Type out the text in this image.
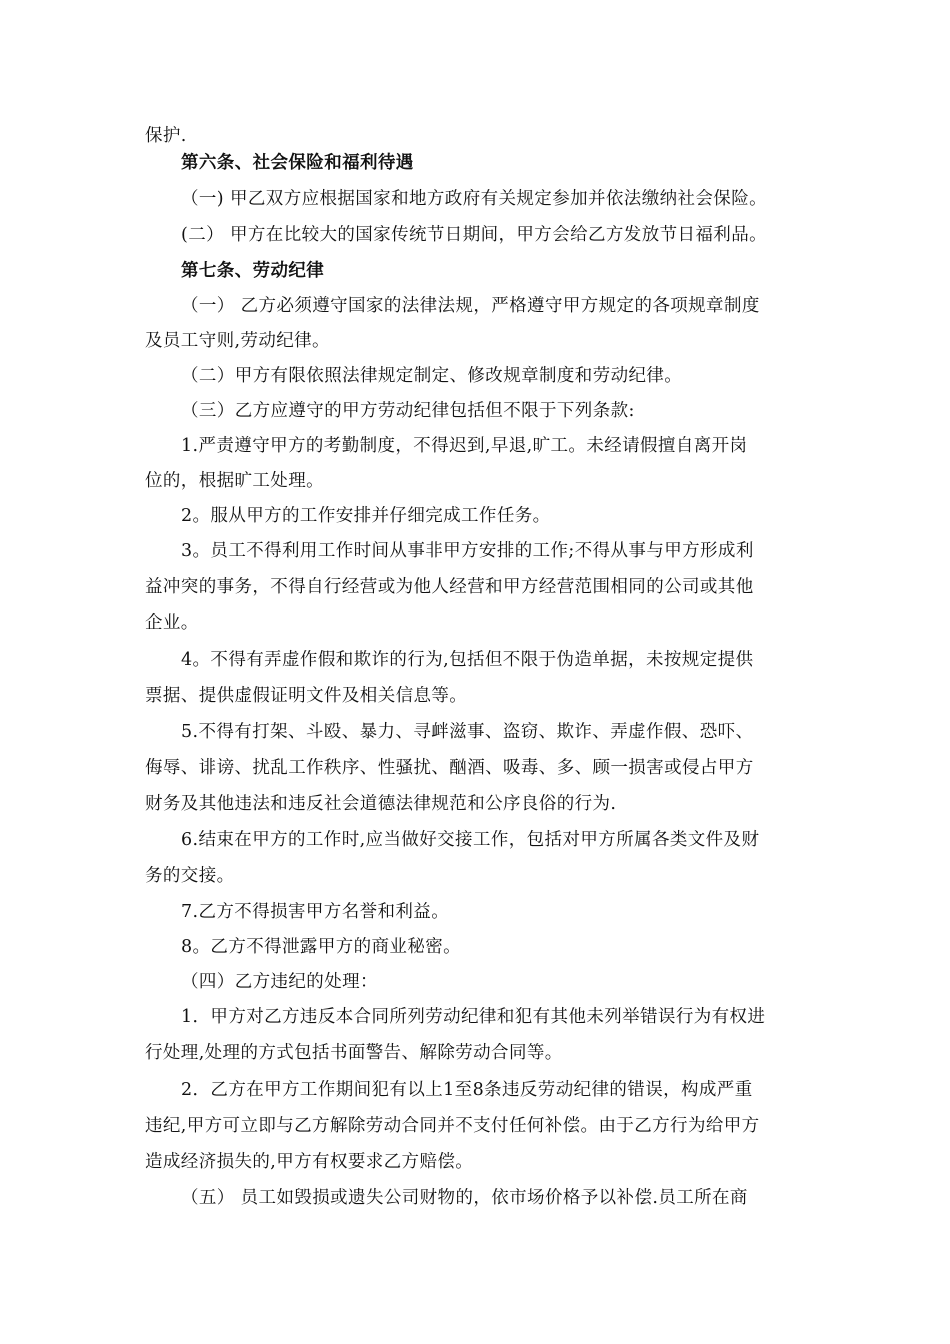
保护.
第六条、社会保险和福利待遇
（一) 甲乙双方应根据国家和地方政府有关规定参加并依法缴纳社会保险。
(二） 甲方在比较大的国家传统节日期间，甲方会给乙方发放节日福利品。
第七条、劳动纪律
（一） 乙方必须遵守国家的法律法规，严格遵守甲方规定的各项规章制度
及员工守则,劳动纪律。
（二）甲方有限依照法律规定制定、修改规章制度和劳动纪律。
（三）乙方应遵守的甲方劳动纪律包括但不限于下列条款:
1.严责遵守甲方的考勤制度，不得迟到,早退,旷工。未经请假擅自离开岗
位的，根据旷工处理。
2。服从甲方的工作安排并仔细完成工作任务。
3。员工不得利用工作时间从事非甲方安排的工作;不得从事与甲方形成利
益冲突的事务，不得自行经营或为他人经营和甲方经营范围相同的公司或其他
企业。
4。不得有弄虚作假和欺诈的行为,包括但不限于伪造单据，未按规定提供
票据、提供虚假证明文件及相关信息等。
5.不得有打架、斗殴、暴力、寻衅滋事、盗窃、欺诈、弄虚作假、恐吓、
侮辱、诽谤、扰乱工作秩序、性骚扰、酗酒、吸毒、多、顾一损害或侵占甲方
财务及其他违法和违反社会道德法律规范和公序良俗的行为.
6.结束在甲方的工作时,应当做好交接工作，包括对甲方所属各类文件及财
务的交接。
7.乙方不得损害甲方名誉和利益。
8。乙方不得泄露甲方的商业秘密。
（四）乙方违纪的处理：
1．甲方对乙方违反本合同所列劳动纪律和犯有其他未列举错误行为有权进
行处理,处理的方式包括书面警告、解除劳动合同等。
2．乙方在甲方工作期间犯有以上1至8条违反劳动纪律的错误，构成严重
违纪,甲方可立即与乙方解除劳动合同并不支付任何补偿。由于乙方行为给甲方
造成经济损失的,甲方有权要求乙方赔偿。
（五） 员工如毁损或遗失公司财物的，依市场价格予以补偿.员工所在商
